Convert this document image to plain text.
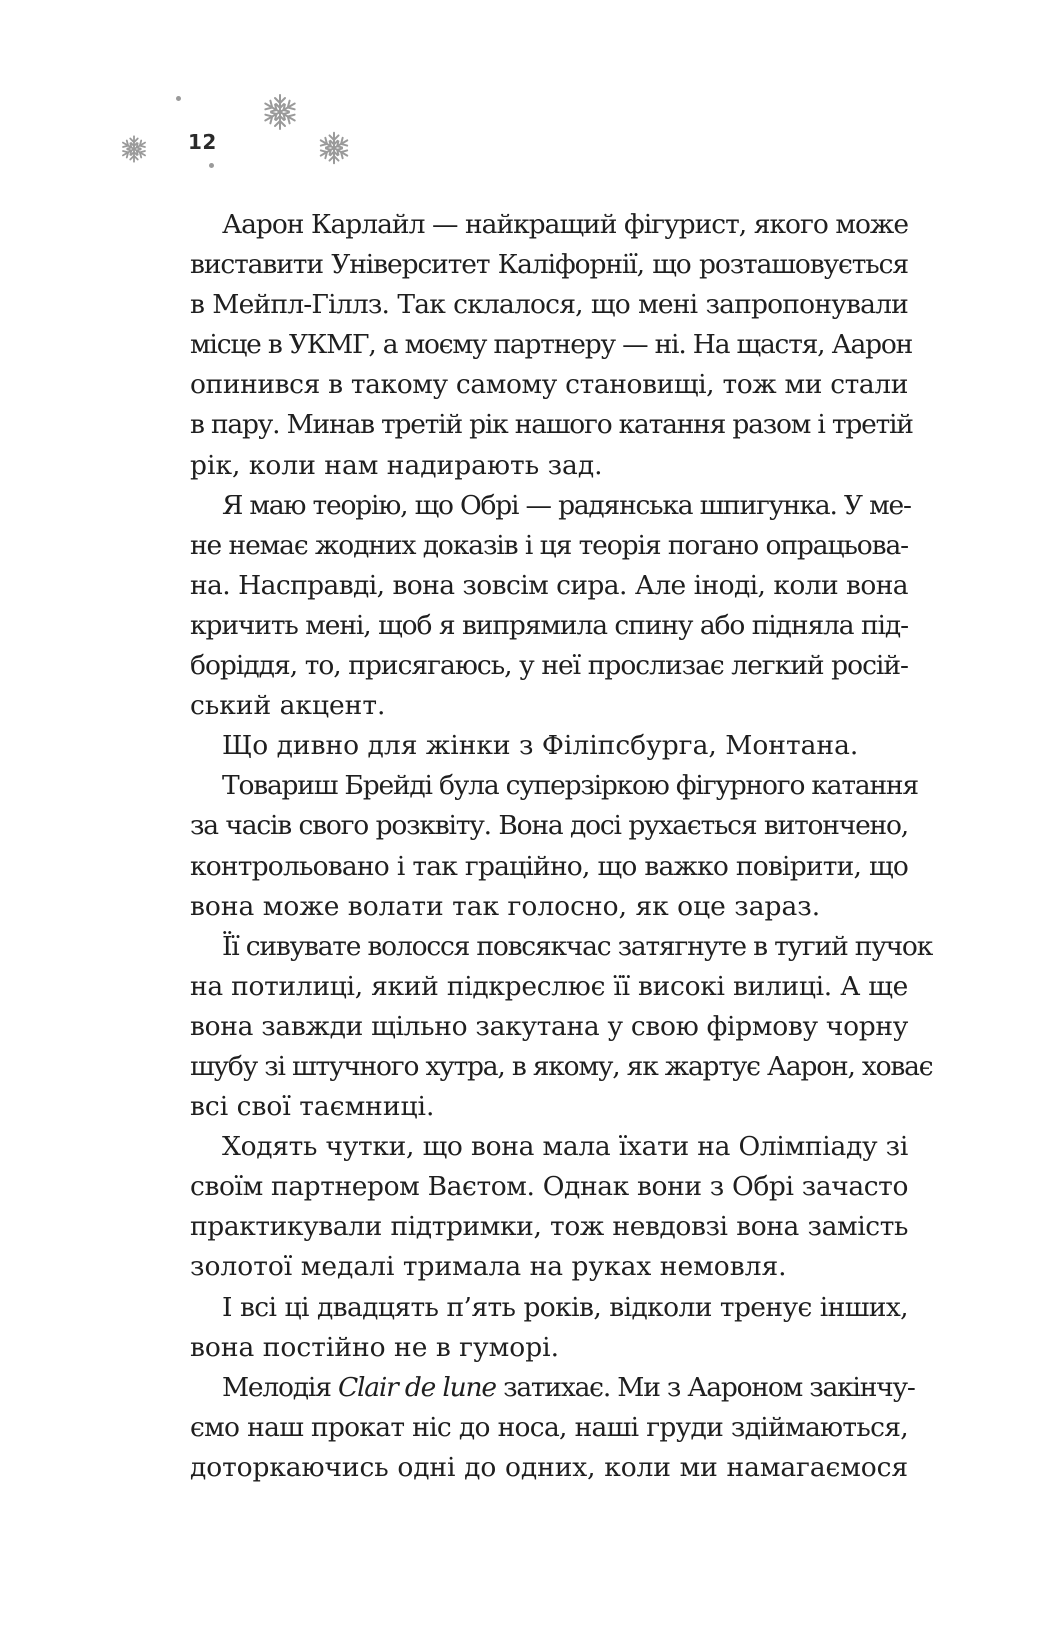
12
Аарон Карлайл — найкращий фігурист, якого може
виставити Університет Каліфорнії, що розташовується
в Мейпл-Гіллз. Так склалося, що мені запропонували
місце в УКМГ, а моєму партнеру — ні. На щастя, Аарон
опинився в такому самому становищі, тож ми стали
в пару. Минав третій рік нашого катання разом і третій
рік, коли нам надирають зад.
Я маю теорію, що Обрі — радянська шпигунка. У ме-
не немає жодних доказів і ця теорія погано опрацьова-
на. Насправді, вона зовсім сира. Але іноді, коли вона
кричить мені, щоб я випрямила спину або підняла під-
боріддя, то, присягаюсь, у неї прослизає легкий росій-
ський акцент.
Що дивно для жінки з Філіпсбурга, Монтана.
Товариш Брейді була суперзіркою фігурного катання
за часів свого розквіту. Вона досі рухається витончено,
контрольовано і так граційно, що важко повірити, що
вона може волати так голосно, як оце зараз.
Її сивувате волосся повсякчас затягнуте в тугий пучок
на потилиці, який підкреслює її високі вилиці. А ще
вона завжди щільно закутана у свою фірмову чорну
шубу зі штучного хутра, в якому, як жартує Аарон, ховає
всі свої таємниці.
Ходять чутки, що вона мала їхати на Олімпіаду зі
своїм партнером Ваєтом. Однак вони з Обрі зачасто
практикували підтримки, тож невдовзі вона замість
золотої медалі тримала на руках немовля.
І всі ці двадцять п’ять років, відколи тренує інших,
вона постійно не в гуморі.
Мелодія Clair de lune затихає. Ми з Аароном закінчу-
ємо наш прокат ніс до носа, наші груди здіймаються,
доторкаючись одні до одних, коли ми намагаємося
